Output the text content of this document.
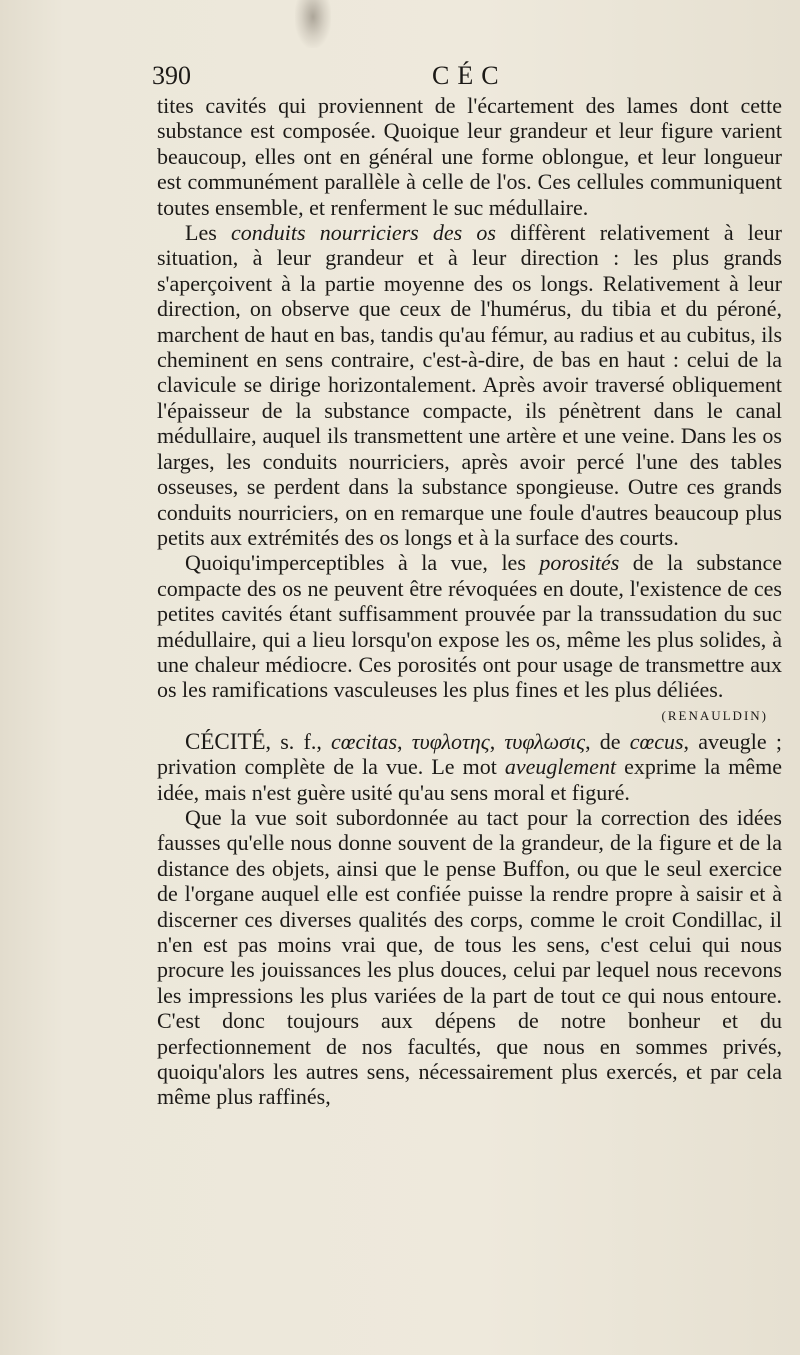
390	CÉC

tites cavités qui proviennent de l'écartement des lames dont cette substance est composée. Quoique leur grandeur et leur figure varient beaucoup, elles ont en général une forme oblongue, et leur longueur est communément parallèle à celle de l'os. Ces cellules communiquent toutes ensemble, et renferment le suc médullaire.

Les conduits nourriciers des os diffèrent relativement à leur situation, à leur grandeur et à leur direction : les plus grands s'aperçoivent à la partie moyenne des os longs. Relativement à leur direction, on observe que ceux de l'humérus, du tibia et du péroné, marchent de haut en bas, tandis qu'au fémur, au radius et au cubitus, ils cheminent en sens contraire, c'est-à-dire, de bas en haut : celui de la clavicule se dirige horizontalement. Après avoir traversé obliquement l'épaisseur de la substance compacte, ils pénètrent dans le canal médullaire, auquel ils transmettent une artère et une veine. Dans les os larges, les conduits nourriciers, après avoir percé l'une des tables osseuses, se perdent dans la substance spongieuse. Outre ces grands conduits nourriciers, on en remarque une foule d'autres beaucoup plus petits aux extrémités des os longs et à la surface des courts.

Quoiqu'imperceptibles à la vue, les porosités de la substance compacte des os ne peuvent être révoquées en doute, l'existence de ces petites cavités étant suffisamment prouvée par la transsudation du suc médullaire, qui a lieu lorsqu'on expose les os, même les plus solides, à une chaleur médiocre. Ces porosités ont pour usage de transmettre aux os les ramifications vasculeuses les plus fines et les plus déliées.

(RENAULDIN)

CÉCITÉ, s. f., cœcitas, τυφλοτης, τυφλωσις, de cœcus, aveugle ; privation complète de la vue. Le mot aveuglement exprime la même idée, mais n'est guère usité qu'au sens moral et figuré.

Que la vue soit subordonnée au tact pour la correction des idées fausses qu'elle nous donne souvent de la grandeur, de la figure et de la distance des objets, ainsi que le pense Buffon, ou que le seul exercice de l'organe auquel elle est confiée puisse la rendre propre à saisir et à discerner ces diverses qualités des corps, comme le croit Condillac, il n'en est pas moins vrai que, de tous les sens, c'est celui qui nous procure les jouissances les plus douces, celui par lequel nous recevons les impressions les plus variées de la part de tout ce qui nous entoure. C'est donc toujours aux dépens de notre bonheur et du perfectionnement de nos facultés, que nous en sommes privés, quoiqu'alors les autres sens, nécessairement plus exercés, et par cela même plus raffinés,
